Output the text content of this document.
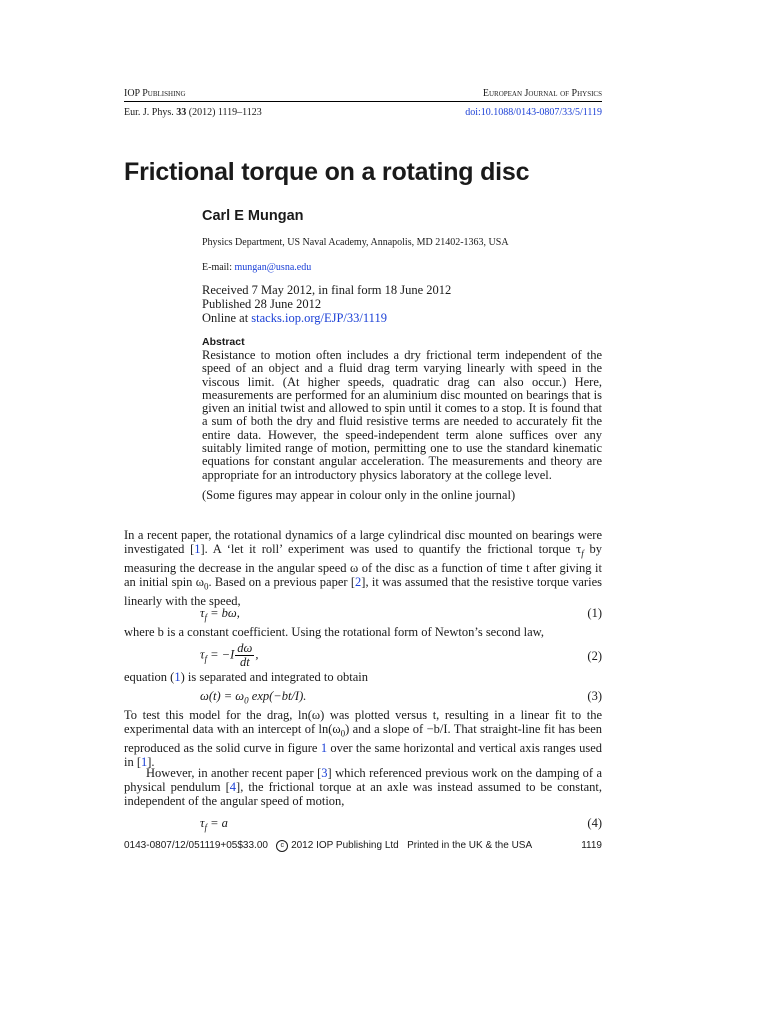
IOP Publishing	European Journal of Physics
Eur. J. Phys. 33 (2012) 1119–1123	doi:10.1088/0143-0807/33/5/1119
Frictional torque on a rotating disc
Carl E Mungan
Physics Department, US Naval Academy, Annapolis, MD 21402-1363, USA
E-mail: mungan@usna.edu
Received 7 May 2012, in final form 18 June 2012
Published 28 June 2012
Online at stacks.iop.org/EJP/33/1119
Abstract

Resistance to motion often includes a dry frictional term independent of the speed of an object and a fluid drag term varying linearly with speed in the viscous limit. (At higher speeds, quadratic drag can also occur.) Here, measurements are performed for an aluminium disc mounted on bearings that is given an initial twist and allowed to spin until it comes to a stop. It is found that a sum of both the dry and fluid resistive terms are needed to accurately fit the entire data. However, the speed-independent term alone suffices over any suitably limited range of motion, permitting one to use the standard kinematic equations for constant angular acceleration. The measurements and theory are appropriate for an introductory physics laboratory at the college level.

(Some figures may appear in colour only in the online journal)

In a recent paper, the rotational dynamics of a large cylindrical disc mounted on bearings were investigated [1]. A ‘let it roll’ experiment was used to quantify the frictional torque $\tau_f$ by measuring the decrease in the angular speed ω of the disc as a function of time t after giving it an initial spin $\omega_0$. Based on a previous paper [2], it was assumed that the resistive torque varies linearly with the speed,

$\tau_f = b\omega$,	(1)

where b is a constant coefficient. Using the rotational form of Newton’s second law,

$\tau_f = -I \frac{d\omega}{dt}$ ,	(2)

equation (1) is separated and integrated to obtain

$\omega(t) = \omega_0$ exp(−bt/I).	(3)

To test this model for the drag, ln(ω) was plotted versus t, resulting in a linear fit to the experimental data with an intercept of $\ln(\omega_0)$ and a slope of −b/I. That straight-line fit has been reproduced as the solid curve in figure 1 over the same horizontal and vertical axis ranges used in [1].

However, in another recent paper [3] which referenced previous work on the damping of a physical pendulum [4], the frictional torque at an axle was instead assumed to be constant, independent of the angular speed of motion,

$\tau_f = a$	(4)
0143-0807/12/051119+05$33.00 c 2012 IOP Publishing Ltd Printed in the UK & the USA	1119
